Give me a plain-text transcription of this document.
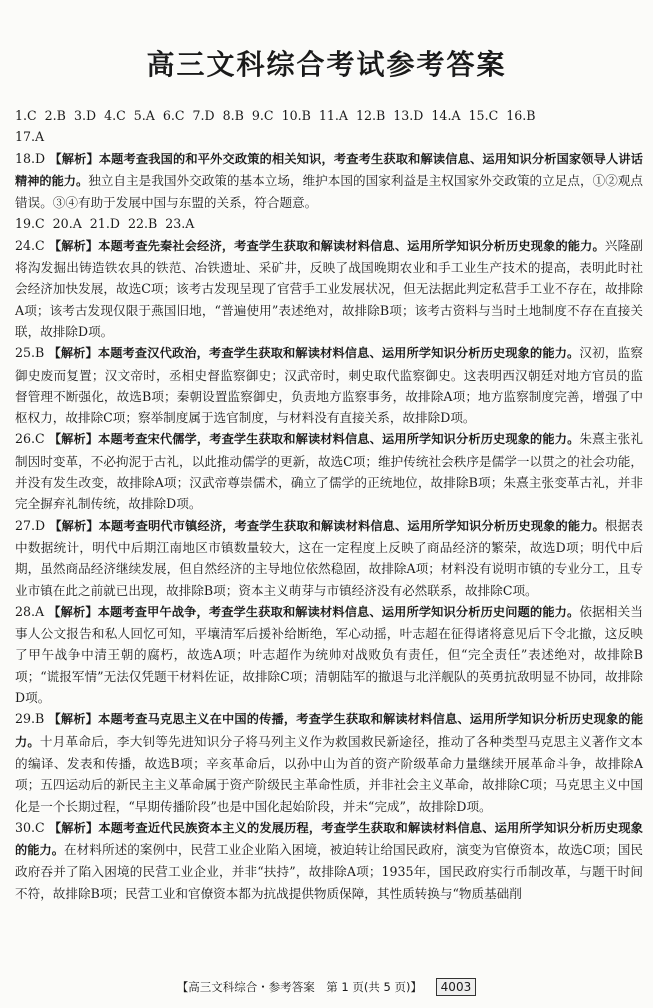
高三文科综合考试参考答案
1.C 2.B 3.D 4.C 5.A 6.C 7.D 8.B 9.C 10.B 11.A 12.B 13.D 14.A 15.C 16.B
17.A
18.D 【解析】本题考查我国的和平外交政策的相关知识，考查考生获取和解读信息、运用知识分析国家领导人讲话精神的能力。独立自主是我国外交政策的基本立场，维护本国的国家利益是主权国家外交政策的立足点，①②观点错误。③④有助于发展中国与东盟的关系，符合题意。
19.C 20.A 21.D 22.B 23.A
24.C 【解析】本题考查先秦社会经济，考查学生获取和解读材料信息、运用所学知识分析历史现象的能力。兴隆副将沟发掘出铸造铁农具的铁范、冶铁遗址、采矿井，反映了战国晚期农业和手工业生产技术的提高，表明此时社会经济加快发展，故选C项；该考古发现呈现了官营手工业发展状况，但无法据此判定私营手工业不存在，故排除A项；该考古发现仅限于燕国旧地，“普遍使用”表述绝对，故排除B项；该考古资料与当时土地制度不存在直接关联，故排除D项。
25.B 【解析】本题考查汉代政治，考查学生获取和解读材料信息、运用所学知识分析历史现象的能力。汉初，监察御史废而复置；汉文帝时，丞相史督监察御史；汉武帝时，刺史取代监察御史。这表明西汉朝廷对地方官员的监督管理不断强化，故选B项；秦朝设置监察御史，负责地方监察事务，故排除A项；地方监察制度完善，增强了中枢权力，故排除C项；察举制度属于选官制度，与材料没有直接关系，故排除D项。
26.C 【解析】本题考查宋代儒学，考查学生获取和解读材料信息、运用所学知识分析历史现象的能力。朱熹主张礼制因时变革，不必拘泥于古礼，以此推动儒学的更新，故选C项；维护传统社会秩序是儒学一以贯之的社会功能，并没有发生改变，故排除A项；汉武帝尊崇儒术，确立了儒学的正统地位，故排除B项；朱熹主张变革古礼，并非完全摒弃礼制传统，故排除D项。
27.D 【解析】本题考查明代市镇经济，考查学生获取和解读材料信息、运用所学知识分析历史现象的能力。根据表中数据统计，明代中后期江南地区市镇数量较大，这在一定程度上反映了商品经济的繁荣，故选D项；明代中后期，虽然商品经济继续发展，但自然经济的主导地位依然稳固，故排除A项；材料没有说明市镇的专业分工，且专业市镇在此之前就已出现，故排除B项；资本主义萌芽与市镇经济没有必然联系，故排除C项。
28.A 【解析】本题考查甲午战争，考查学生获取和解读材料信息、运用所学知识分析历史问题的能力。依据相关当事人公文报告和私人回忆可知，平壤清军后援补给断绝，军心动摇，叶志超在征得诸将意见后下令北撤，这反映了甲午战争中清王朝的腐朽，故选A项；叶志超作为统帅对战败负有责任，但“完全责任”表述绝对，故排除B项；“谎报军情”无法仅凭题干材料佐证，故排除C项；清朝陆军的撤退与北洋舰队的英勇抗敌明显不协同，故排除D项。
29.B 【解析】本题考查马克思主义在中国的传播，考查学生获取和解读材料信息、运用所学知识分析历史现象的能力。十月革命后，李大钊等先进知识分子将马列主义作为救国救民新途径，推动了各种类型马克思主义著作文本的编译、发表和传播，故选B项；辛亥革命后，以孙中山为首的资产阶级革命力量继续开展革命斗争，故排除A项；五四运动后的新民主主义革命属于资产阶级民主革命性质，并非社会主义革命，故排除C项；马克思主义中国化是一个长期过程，“早期传播阶段”也是中国化起始阶段，并未“完成”，故排除D项。
30.C 【解析】本题考查近代民族资本主义的发展历程，考查学生获取和解读材料信息、运用所学知识分析历史现象的能力。在材料所述的案例中，民营工业企业陷入困境，被迫转让给国民政府，演变为官僚资本，故选C项；国民政府吞并了陷入困境的民营工业企业，并非“扶持”，故排除A项；1935年，国民政府实行币制改革，与题干时间不符，故排除B项；民营工业和官僚资本都为抗战提供物质保障，其性质转换与“物质基础削
【高三文科综合・参考答案　第 1 页(共 5 页)】 4003
